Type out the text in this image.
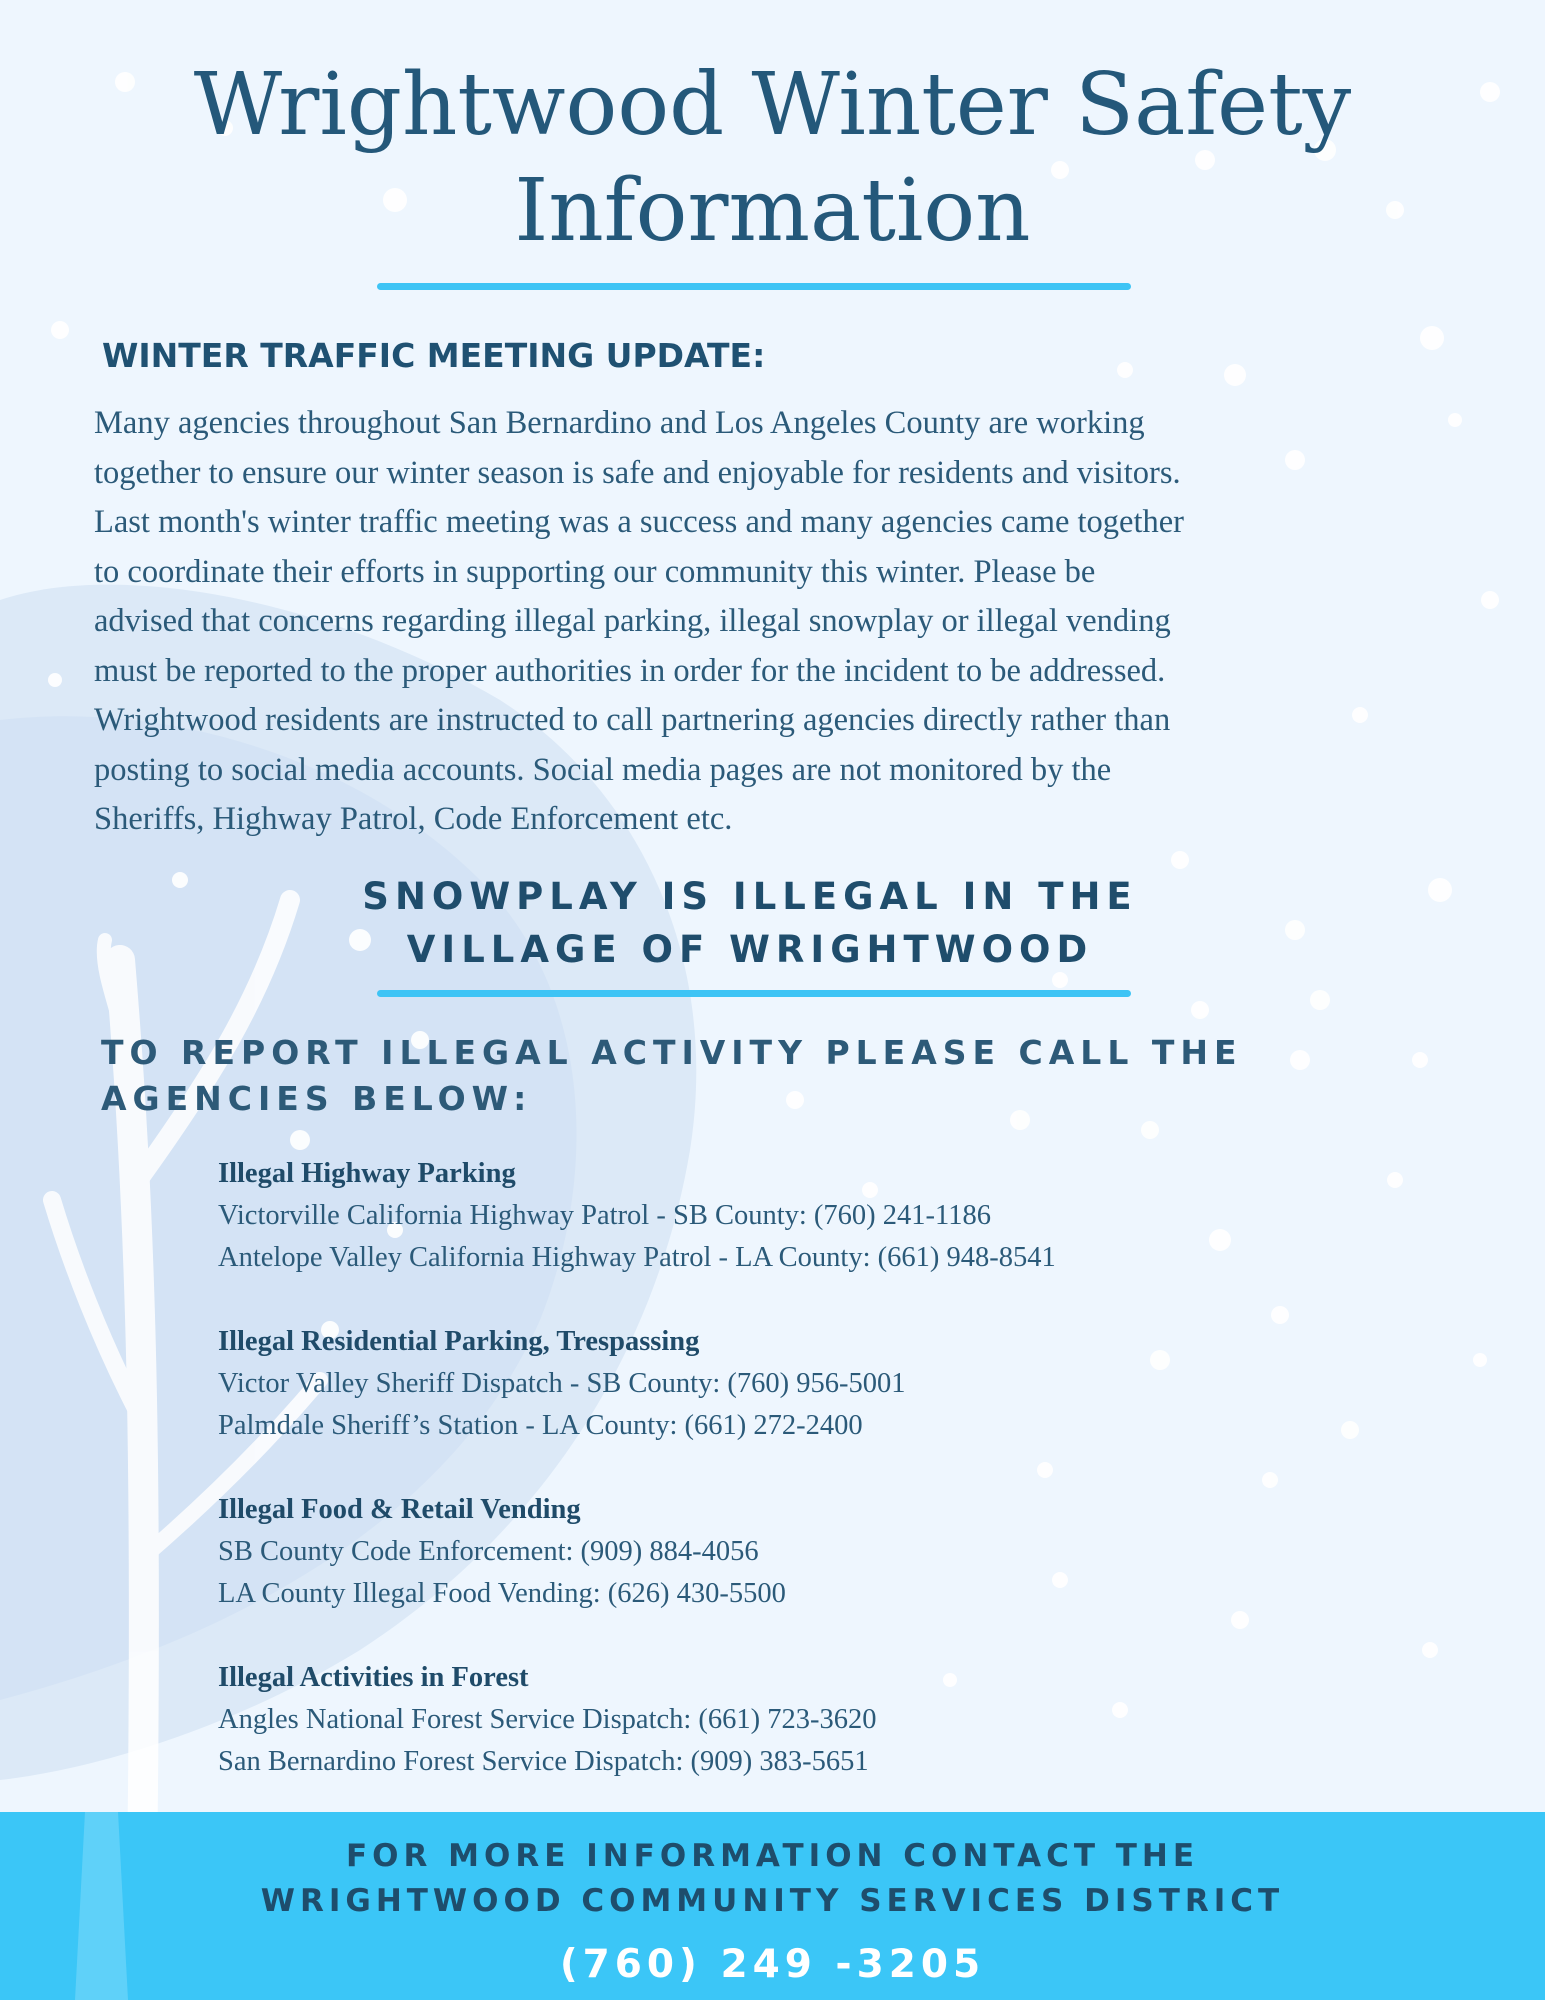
Wrightwood Winter Safety
Information
WINTER TRAFFIC MEETING UPDATE:
Many agencies throughout San Bernardino and Los Angeles County are working
together to ensure our winter season is safe and enjoyable for residents and visitors.
Last month's winter traffic meeting was a success and many agencies came together
to coordinate their efforts in supporting our community this winter. Please be
advised that concerns regarding illegal parking, illegal snowplay or illegal vending
must be reported to the proper authorities in order for the incident to be addressed.
Wrightwood residents are instructed to call partnering agencies directly rather than
posting to social media accounts. Social media pages are not monitored by the
Sheriffs, Highway Patrol, Code Enforcement etc.
SNOWPLAY IS ILLEGAL IN THE
VILLAGE OF WRIGHTWOOD
TO REPORT ILLEGAL ACTIVITY PLEASE CALL THE
AGENCIES BELOW:
Illegal Highway Parking
Victorville California Highway Patrol - SB County: (760) 241-1186
Antelope Valley California Highway Patrol - LA County: (661) 948-8541
Illegal Residential Parking, Trespassing
Victor Valley Sheriff Dispatch - SB County: (760) 956-5001
Palmdale Sheriff’s Station - LA County: (661) 272-2400
Illegal Food & Retail Vending
SB County Code Enforcement: (909) 884-4056
LA County Illegal Food Vending: (626) 430-5500
Illegal Activities in Forest
Angles National Forest Service Dispatch: (661) 723-3620
San Bernardino Forest Service Dispatch: (909) 383-5651
FOR MORE INFORMATION CONTACT THE
WRIGHTWOOD COMMUNITY SERVICES DISTRICT
(760) 249 -3205
